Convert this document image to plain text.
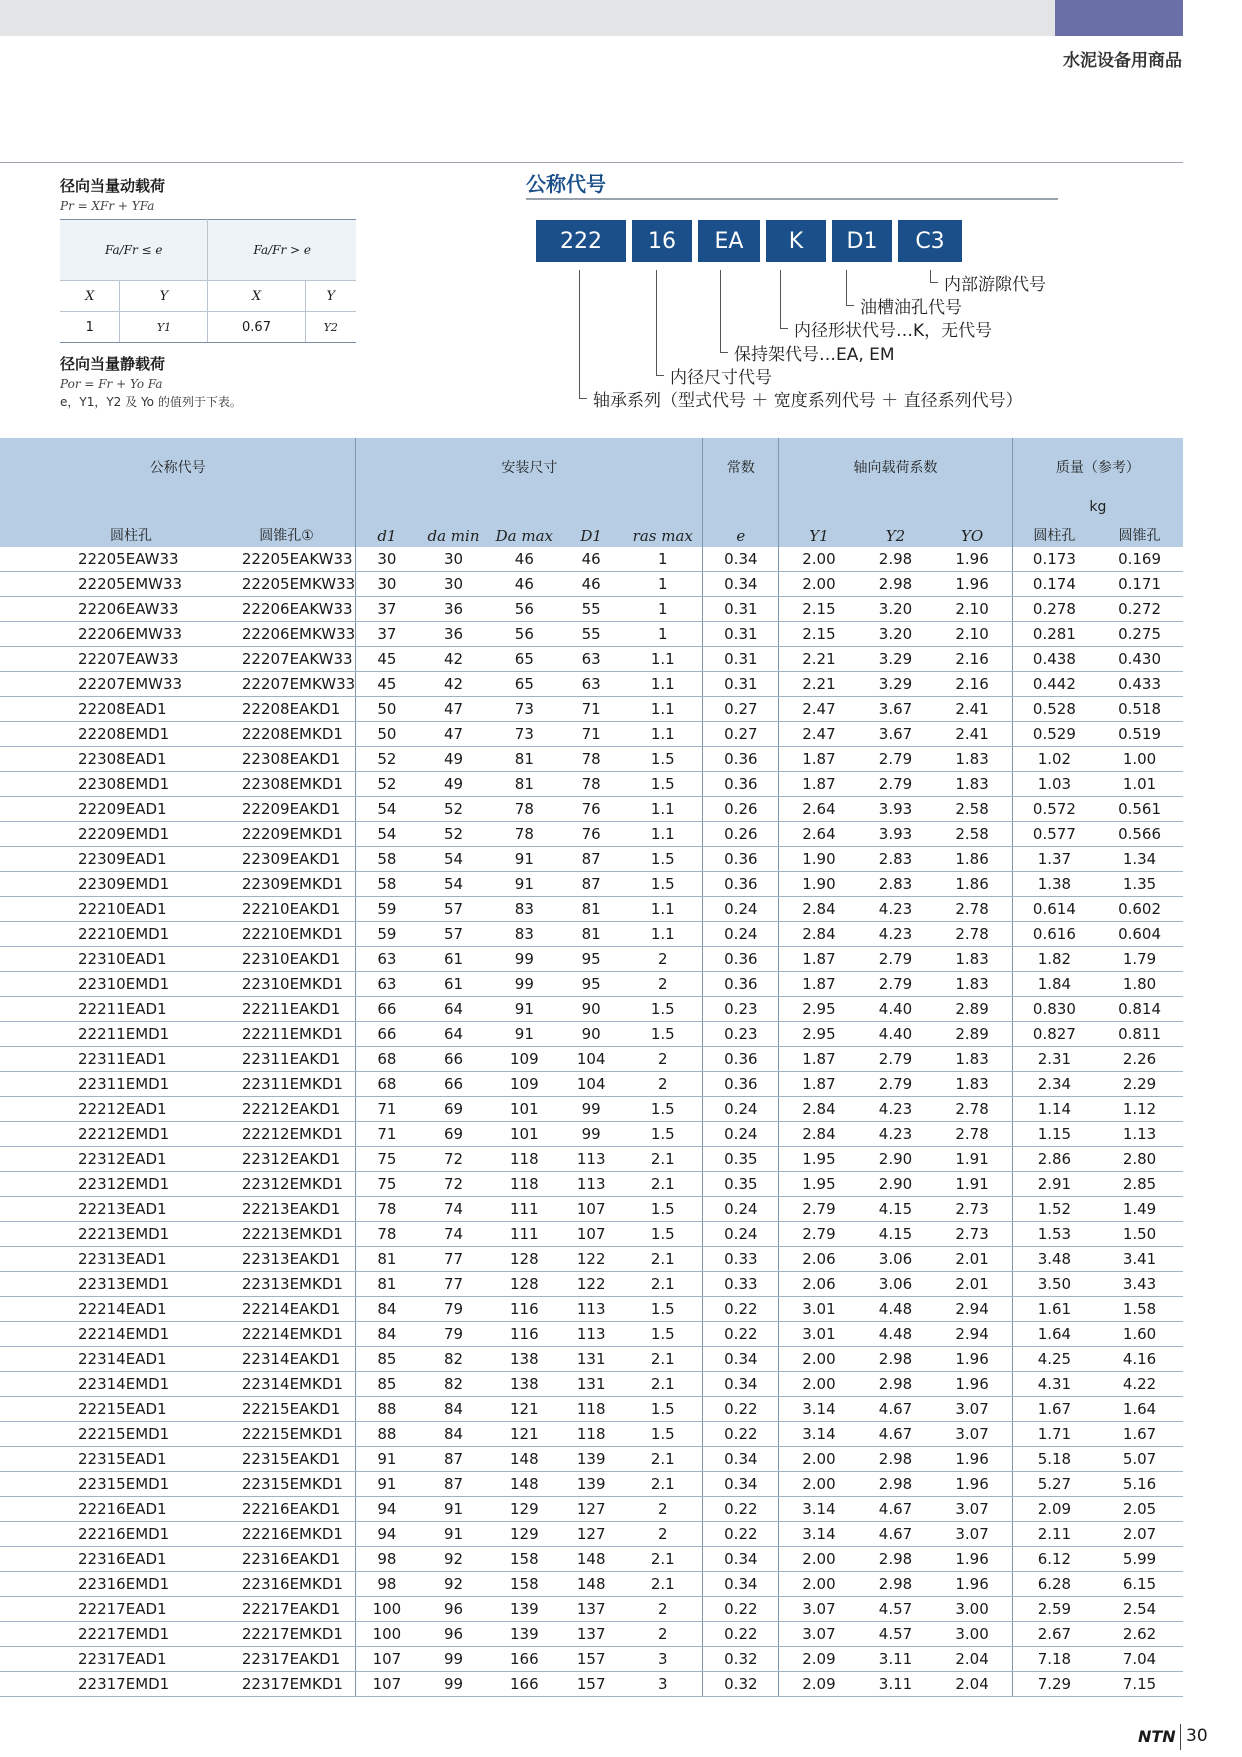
水泥设备用商品
径向当量动载荷
Pr = XFr + YFa
Fa/Fr ≤ e		Fa/Fr > e	
X	Y	X	Y
1	Y1	0.67	Y2
径向当量静载荷
Por = Fr + Yo Fa
e，Y1，Y2 及 Yo 的值列于下表。
公称代号
222	16	EA	K	D1	C3
内部游隙代号
油槽油孔代号
内径形状代号…K，无代号
保持架代号…EA, EM
内径尺寸代号
轴承系列（型式代号 ＋ 宽度系列代号 ＋ 直径系列代号）
公称代号		安装尺寸					常数	轴向载荷系数			质量（参考）	
											kg	
圆柱孔	圆锥孔①	d1	da min	Da max	D1	ras max	e	Y1	Y2	YO	圆柱孔	圆锥孔
22205EAW33	22205EAKW33	30	30	46	46	1	0.34	2.00	2.98	1.96	0.173	0.169
22205EMW33	22205EMKW33	30	30	46	46	1	0.34	2.00	2.98	1.96	0.174	0.171
22206EAW33	22206EAKW33	37	36	56	55	1	0.31	2.15	3.20	2.10	0.278	0.272
22206EMW33	22206EMKW33	37	36	56	55	1	0.31	2.15	3.20	2.10	0.281	0.275
22207EAW33	22207EAKW33	45	42	65	63	1.1	0.31	2.21	3.29	2.16	0.438	0.430
22207EMW33	22207EMKW33	45	42	65	63	1.1	0.31	2.21	3.29	2.16	0.442	0.433
22208EAD1	22208EAKD1	50	47	73	71	1.1	0.27	2.47	3.67	2.41	0.528	0.518
22208EMD1	22208EMKD1	50	47	73	71	1.1	0.27	2.47	3.67	2.41	0.529	0.519
22308EAD1	22308EAKD1	52	49	81	78	1.5	0.36	1.87	2.79	1.83	1.02	1.00
22308EMD1	22308EMKD1	52	49	81	78	1.5	0.36	1.87	2.79	1.83	1.03	1.01
22209EAD1	22209EAKD1	54	52	78	76	1.1	0.26	2.64	3.93	2.58	0.572	0.561
22209EMD1	22209EMKD1	54	52	78	76	1.1	0.26	2.64	3.93	2.58	0.577	0.566
22309EAD1	22309EAKD1	58	54	91	87	1.5	0.36	1.90	2.83	1.86	1.37	1.34
22309EMD1	22309EMKD1	58	54	91	87	1.5	0.36	1.90	2.83	1.86	1.38	1.35
22210EAD1	22210EAKD1	59	57	83	81	1.1	0.24	2.84	4.23	2.78	0.614	0.602
22210EMD1	22210EMKD1	59	57	83	81	1.1	0.24	2.84	4.23	2.78	0.616	0.604
22310EAD1	22310EAKD1	63	61	99	95	2	0.36	1.87	2.79	1.83	1.82	1.79
22310EMD1	22310EMKD1	63	61	99	95	2	0.36	1.87	2.79	1.83	1.84	1.80
22211EAD1	22211EAKD1	66	64	91	90	1.5	0.23	2.95	4.40	2.89	0.830	0.814
22211EMD1	22211EMKD1	66	64	91	90	1.5	0.23	2.95	4.40	2.89	0.827	0.811
22311EAD1	22311EAKD1	68	66	109	104	2	0.36	1.87	2.79	1.83	2.31	2.26
22311EMD1	22311EMKD1	68	66	109	104	2	0.36	1.87	2.79	1.83	2.34	2.29
22212EAD1	22212EAKD1	71	69	101	99	1.5	0.24	2.84	4.23	2.78	1.14	1.12
22212EMD1	22212EMKD1	71	69	101	99	1.5	0.24	2.84	4.23	2.78	1.15	1.13
22312EAD1	22312EAKD1	75	72	118	113	2.1	0.35	1.95	2.90	1.91	2.86	2.80
22312EMD1	22312EMKD1	75	72	118	113	2.1	0.35	1.95	2.90	1.91	2.91	2.85
22213EAD1	22213EAKD1	78	74	111	107	1.5	0.24	2.79	4.15	2.73	1.52	1.49
22213EMD1	22213EMKD1	78	74	111	107	1.5	0.24	2.79	4.15	2.73	1.53	1.50
22313EAD1	22313EAKD1	81	77	128	122	2.1	0.33	2.06	3.06	2.01	3.48	3.41
22313EMD1	22313EMKD1	81	77	128	122	2.1	0.33	2.06	3.06	2.01	3.50	3.43
22214EAD1	22214EAKD1	84	79	116	113	1.5	0.22	3.01	4.48	2.94	1.61	1.58
22214EMD1	22214EMKD1	84	79	116	113	1.5	0.22	3.01	4.48	2.94	1.64	1.60
22314EAD1	22314EAKD1	85	82	138	131	2.1	0.34	2.00	2.98	1.96	4.25	4.16
22314EMD1	22314EMKD1	85	82	138	131	2.1	0.34	2.00	2.98	1.96	4.31	4.22
22215EAD1	22215EAKD1	88	84	121	118	1.5	0.22	3.14	4.67	3.07	1.67	1.64
22215EMD1	22215EMKD1	88	84	121	118	1.5	0.22	3.14	4.67	3.07	1.71	1.67
22315EAD1	22315EAKD1	91	87	148	139	2.1	0.34	2.00	2.98	1.96	5.18	5.07
22315EMD1	22315EMKD1	91	87	148	139	2.1	0.34	2.00	2.98	1.96	5.27	5.16
22216EAD1	22216EAKD1	94	91	129	127	2	0.22	3.14	4.67	3.07	2.09	2.05
22216EMD1	22216EMKD1	94	91	129	127	2	0.22	3.14	4.67	3.07	2.11	2.07
22316EAD1	22316EAKD1	98	92	158	148	2.1	0.34	2.00	2.98	1.96	6.12	5.99
22316EMD1	22316EMKD1	98	92	158	148	2.1	0.34	2.00	2.98	1.96	6.28	6.15
22217EAD1	22217EAKD1	100	96	139	137	2	0.22	3.07	4.57	3.00	2.59	2.54
22217EMD1	22217EMKD1	100	96	139	137	2	0.22	3.07	4.57	3.00	2.67	2.62
22317EAD1	22317EAKD1	107	99	166	157	3	0.32	2.09	3.11	2.04	7.18	7.04
22317EMD1	22317EMKD1	107	99	166	157	3	0.32	2.09	3.11	2.04	7.29	7.15
NTN 30
